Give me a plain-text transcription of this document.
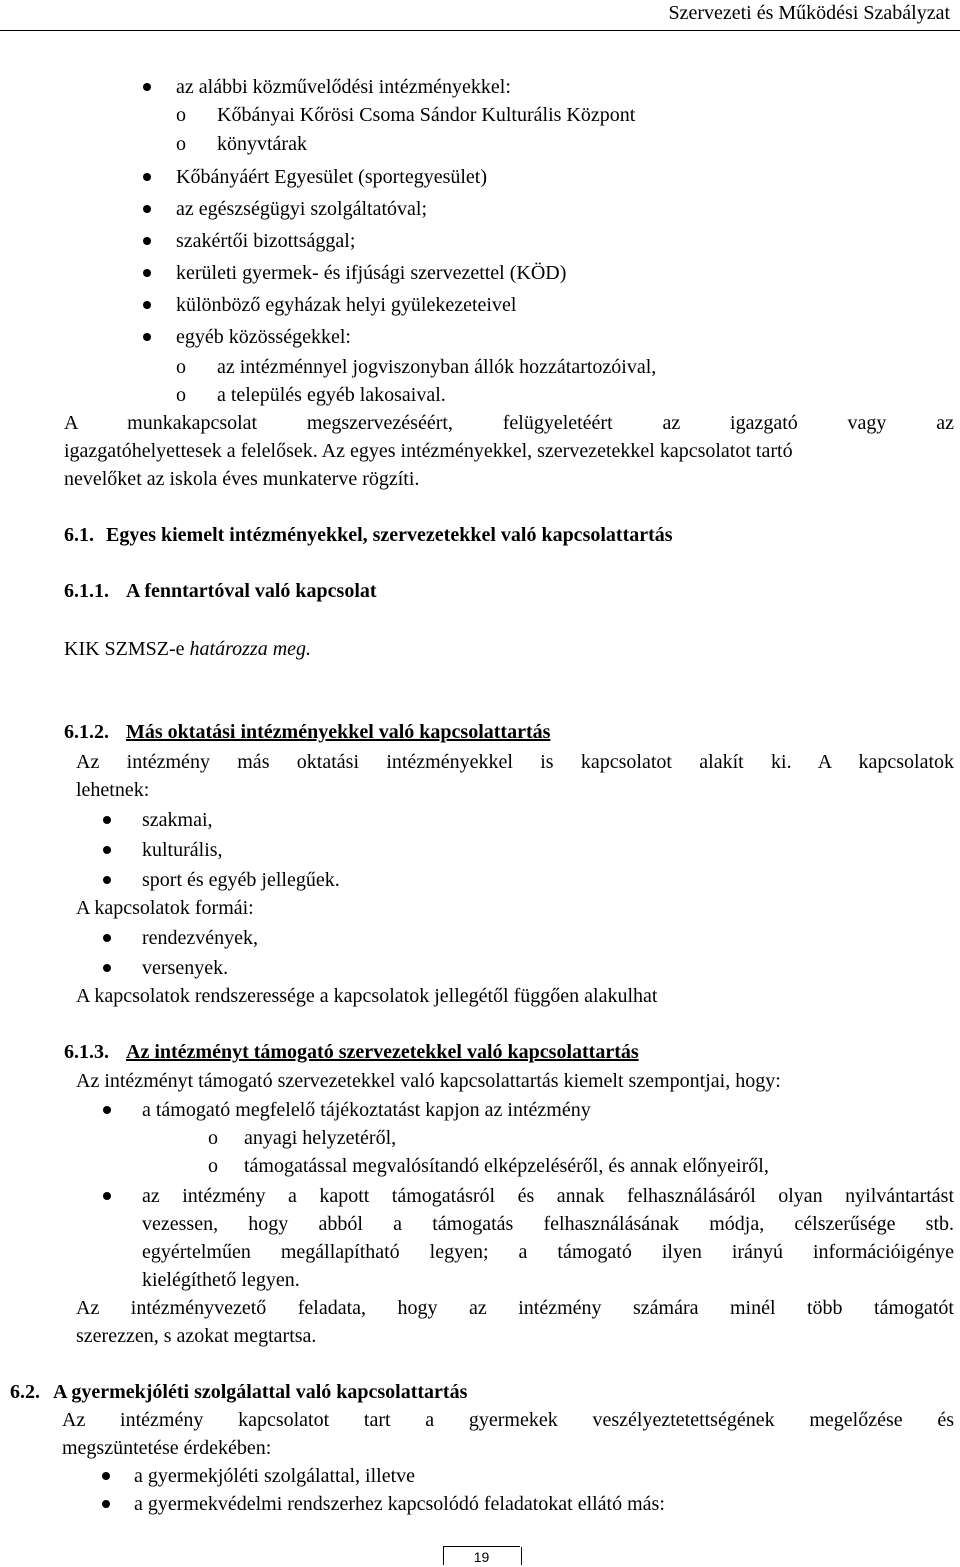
Szervezeti és Működési Szabályzat
az alábbi közművelődési intézményekkel:
o Kőbányai Kőrösi Csoma Sándor Kulturális Központ
o könyvtárak
Kőbányáért Egyesület (sportegyesület)
az egészségügyi szolgáltatóval;
szakértői bizottsággal;
kerületi gyermek- és ifjúsági szervezettel (KÖD)
különböző egyházak helyi gyülekezeteivel
egyéb közösségekkel:
o az intézménnyel jogviszonyban állók hozzátartozóival,
o a település egyéb lakosaival.
A munkakapcsolat megszervezéséért, felügyeletéért az igazgató vagy az
igazgatóhelyettesek a felelősek. Az egyes intézményekkel, szervezetekkel kapcsolatot tartó
nevelőket az iskola éves munkaterve rögzíti.
6.1. Egyes kiemelt intézményekkel, szervezetekkel való kapcsolattartás
6.1.1. A fenntartóval való kapcsolat
KIK SZMSZ-e határozza meg.
6.1.2. Más oktatási intézményekkel való kapcsolattartás
Az intézmény más oktatási intézményekkel is kapcsolatot alakít ki. A kapcsolatok
lehetnek:
szakmai,
kulturális,
sport és egyéb jellegűek.
A kapcsolatok formái:
rendezvények,
versenyek.
A kapcsolatok rendszeressége a kapcsolatok jellegétől függően alakulhat
6.1.3. Az intézményt támogató szervezetekkel való kapcsolattartás
Az intézményt támogató szervezetekkel való kapcsolattartás kiemelt szempontjai, hogy:
a támogató megfelelő tájékoztatást kapjon az intézmény
o anyagi helyzetéről,
o támogatással megvalósítandó elképzeléséről, és annak előnyeiről,
az intézmény a kapott támogatásról és annak felhasználásáról olyan nyilvántartást
vezessen, hogy abból a támogatás felhasználásának módja, célszerűsége stb.
egyértelműen megállapítható legyen; a támogató ilyen irányú információigénye
kielégíthető legyen.
Az intézményvezető feladata, hogy az intézmény számára minél több támogatót
szerezzen, s azokat megtartsa.
6.2. A gyermekjóléti szolgálattal való kapcsolattartás
Az intézmény kapcsolatot tart a gyermekek veszélyeztetettségének megelőzése és
megszüntetése érdekében:
a gyermekjóléti szolgálattal, illetve
a gyermekvédelmi rendszerhez kapcsolódó feladatokat ellátó más:
19
